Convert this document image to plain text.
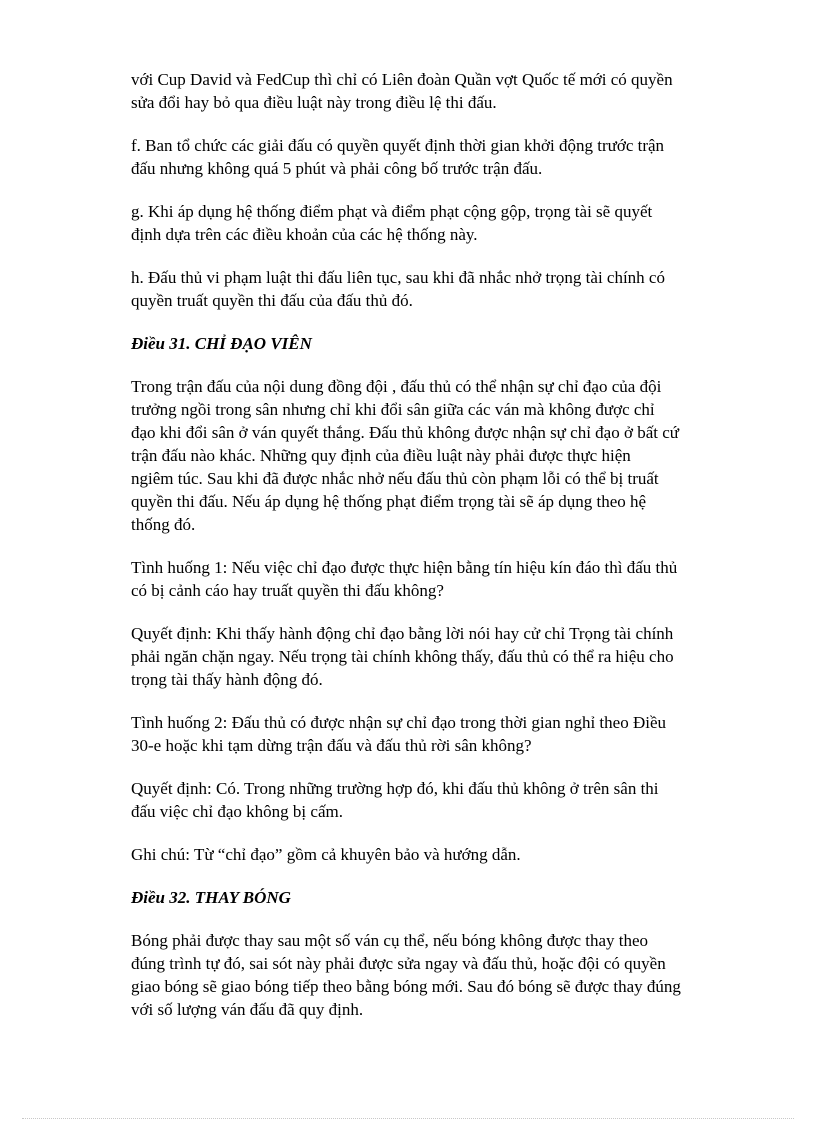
với Cup David và FedCup thì chỉ có Liên đoàn Quần vợt Quốc tế mới có quyền
sửa đổi hay bỏ qua điều luật này trong điều lệ thi đấu.

f. Ban tổ chức các giải đấu có quyền quyết định thời gian khởi động trước trận
đấu nhưng không quá 5 phút và phải công bố trước trận đấu.

g. Khi áp dụng hệ thống điểm phạt và điểm phạt cộng gộp, trọng tài sẽ quyết
định dựa trên các điều khoản của các hệ thống này.

h. Đấu thủ vi phạm luật thi đấu liên tục, sau khi đã nhắc nhở trọng tài chính có
quyền truất quyền thi đấu của đấu thủ đó.

Điều 31. CHỈ ĐẠO VIÊN

Trong trận đấu của nội dung đồng đội , đấu thủ có thể nhận sự chỉ đạo của đội
trưởng ngồi trong sân nhưng chỉ khi đổi sân giữa các ván mà không được chỉ
đạo khi đổi sân ở ván quyết thắng. Đấu thủ không được nhận sự chỉ đạo ở bất cứ
trận đấu nào khác. Những quy định của điều luật này phải được thực hiện
ngiêm túc. Sau khi đã được nhắc nhở nếu đấu thủ còn phạm lỗi có thể bị truất
quyền thi đấu. Nếu áp dụng hệ thống phạt điểm trọng tài sẽ áp dụng theo hệ
thống đó.

Tình huống 1: Nếu việc chỉ đạo được thực hiện bằng tín hiệu kín đáo thì đấu thủ
có bị cảnh cáo hay truất quyền thi đấu không?

Quyết định: Khi thấy hành động chỉ đạo bằng lời nói hay cử chỉ Trọng tài chính
phải ngăn chặn ngay. Nếu trọng tài chính không thấy, đấu thủ có thể ra hiệu cho
trọng tài thấy hành động đó.

Tình huống 2: Đấu thủ có được nhận sự chỉ đạo trong thời gian nghỉ theo Điều
30-e hoặc khi tạm dừng trận đấu và đấu thủ rời sân không?

Quyết định: Có. Trong những trường hợp đó, khi đấu thủ không ở trên sân thi
đấu việc chỉ đạo không bị cấm.

Ghi chú: Từ “chỉ đạo” gồm cả khuyên bảo và hướng dẫn.

Điều 32. THAY BÓNG

Bóng phải được thay sau một số ván cụ thể, nếu bóng không được thay theo
đúng trình tự đó, sai sót này phải được sửa ngay và đấu thủ, hoặc đội có quyền
giao bóng sẽ giao bóng tiếp theo bằng bóng mới. Sau đó bóng sẽ được thay đúng
với số lượng ván đấu đã quy định.
